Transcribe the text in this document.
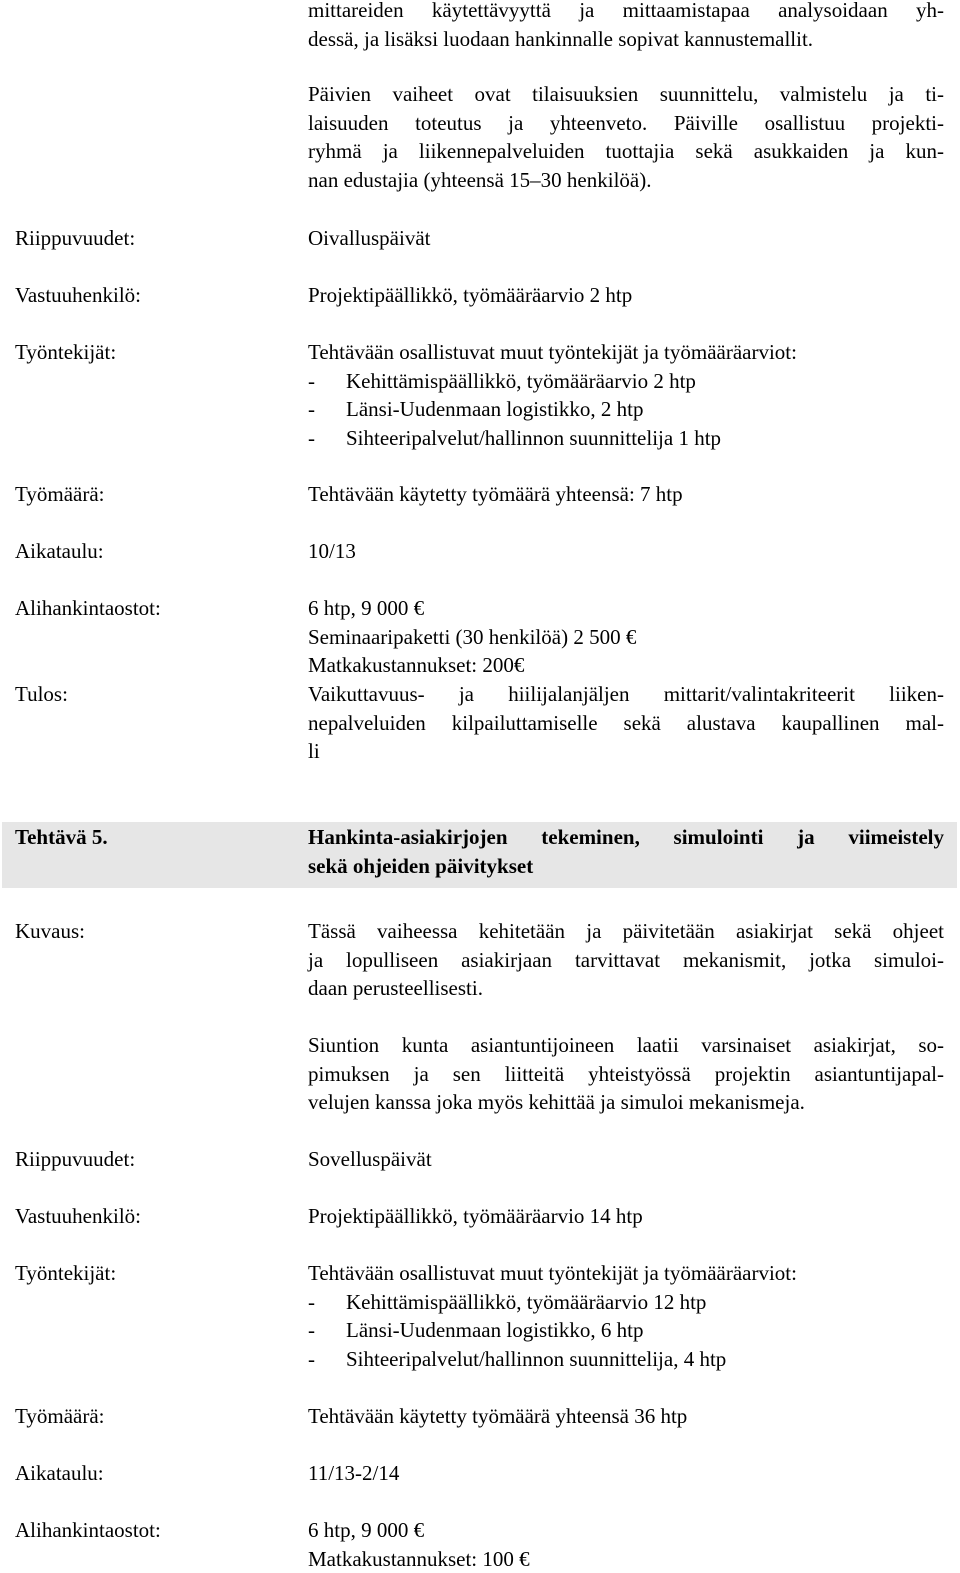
mittareiden käytettävyyttä ja mittaamistapaa analysoidaan yh-
dessä, ja lisäksi luodaan hankinnalle sopivat kannustemallit.
Päivien vaiheet ovat tilaisuuksien suunnittelu, valmistelu ja ti-
laisuuden toteutus ja yhteenveto. Päiville osallistuu projekti-
ryhmä ja liikennepalveluiden tuottajia sekä asukkaiden ja kun-
nan edustajia (yhteensä 15–30 henkilöä).
Riippuvuudet:	Oivalluspäivät
Vastuuhenkilö:	Projektipäällikkö, työmääräarvio 2 htp
Työntekijät:	Tehtävään osallistuvat muut työntekijät ja työmääräarviot:
- Kehittämispäällikkö, työmääräarvio 2 htp
- Länsi-Uudenmaan logistikko, 2 htp
- Sihteeripalvelut/hallinnon suunnittelija 1 htp
Työmäärä:	Tehtävään käytetty työmäärä yhteensä: 7 htp
Aikataulu:	10/13
Alihankintaostot:	6 htp, 9 000 €
Seminaaripaketti (30 henkilöä) 2 500 €
Matkakustannukset: 200€
Tulos:	Vaikuttavuus- ja hiilijalanjäljen mittarit/valintakriteerit liiken-
nepalveluiden kilpailuttamiselle sekä alustava kaupallinen mal-
li
Tehtävä 5.	Hankinta-asiakirjojen tekeminen, simulointi ja viimeistely
sekä ohjeiden päivitykset
Kuvaus:	Tässä vaiheessa kehitetään ja päivitetään asiakirjat sekä ohjeet
ja lopulliseen asiakirjaan tarvittavat mekanismit, jotka simuloi-
daan perusteellisesti.
Siuntion kunta asiantuntijoineen laatii varsinaiset asiakirjat, so-
pimuksen ja sen liitteitä yhteistyössä projektin asiantuntijapal-
velujen kanssa joka myös kehittää ja simuloi mekanismeja.
Riippuvuudet:	Sovelluspäivät
Vastuuhenkilö:	Projektipäällikkö, työmääräarvio 14 htp
Työntekijät:	Tehtävään osallistuvat muut työntekijät ja työmääräarviot:
- Kehittämispäällikkö, työmääräarvio 12 htp
- Länsi-Uudenmaan logistikko, 6 htp
- Sihteeripalvelut/hallinnon suunnittelija, 4 htp
Työmäärä:	Tehtävään käytetty työmäärä yhteensä 36 htp
Aikataulu:	11/13-2/14
Alihankintaostot:	6 htp, 9 000 €
Matkakustannukset: 100 €
